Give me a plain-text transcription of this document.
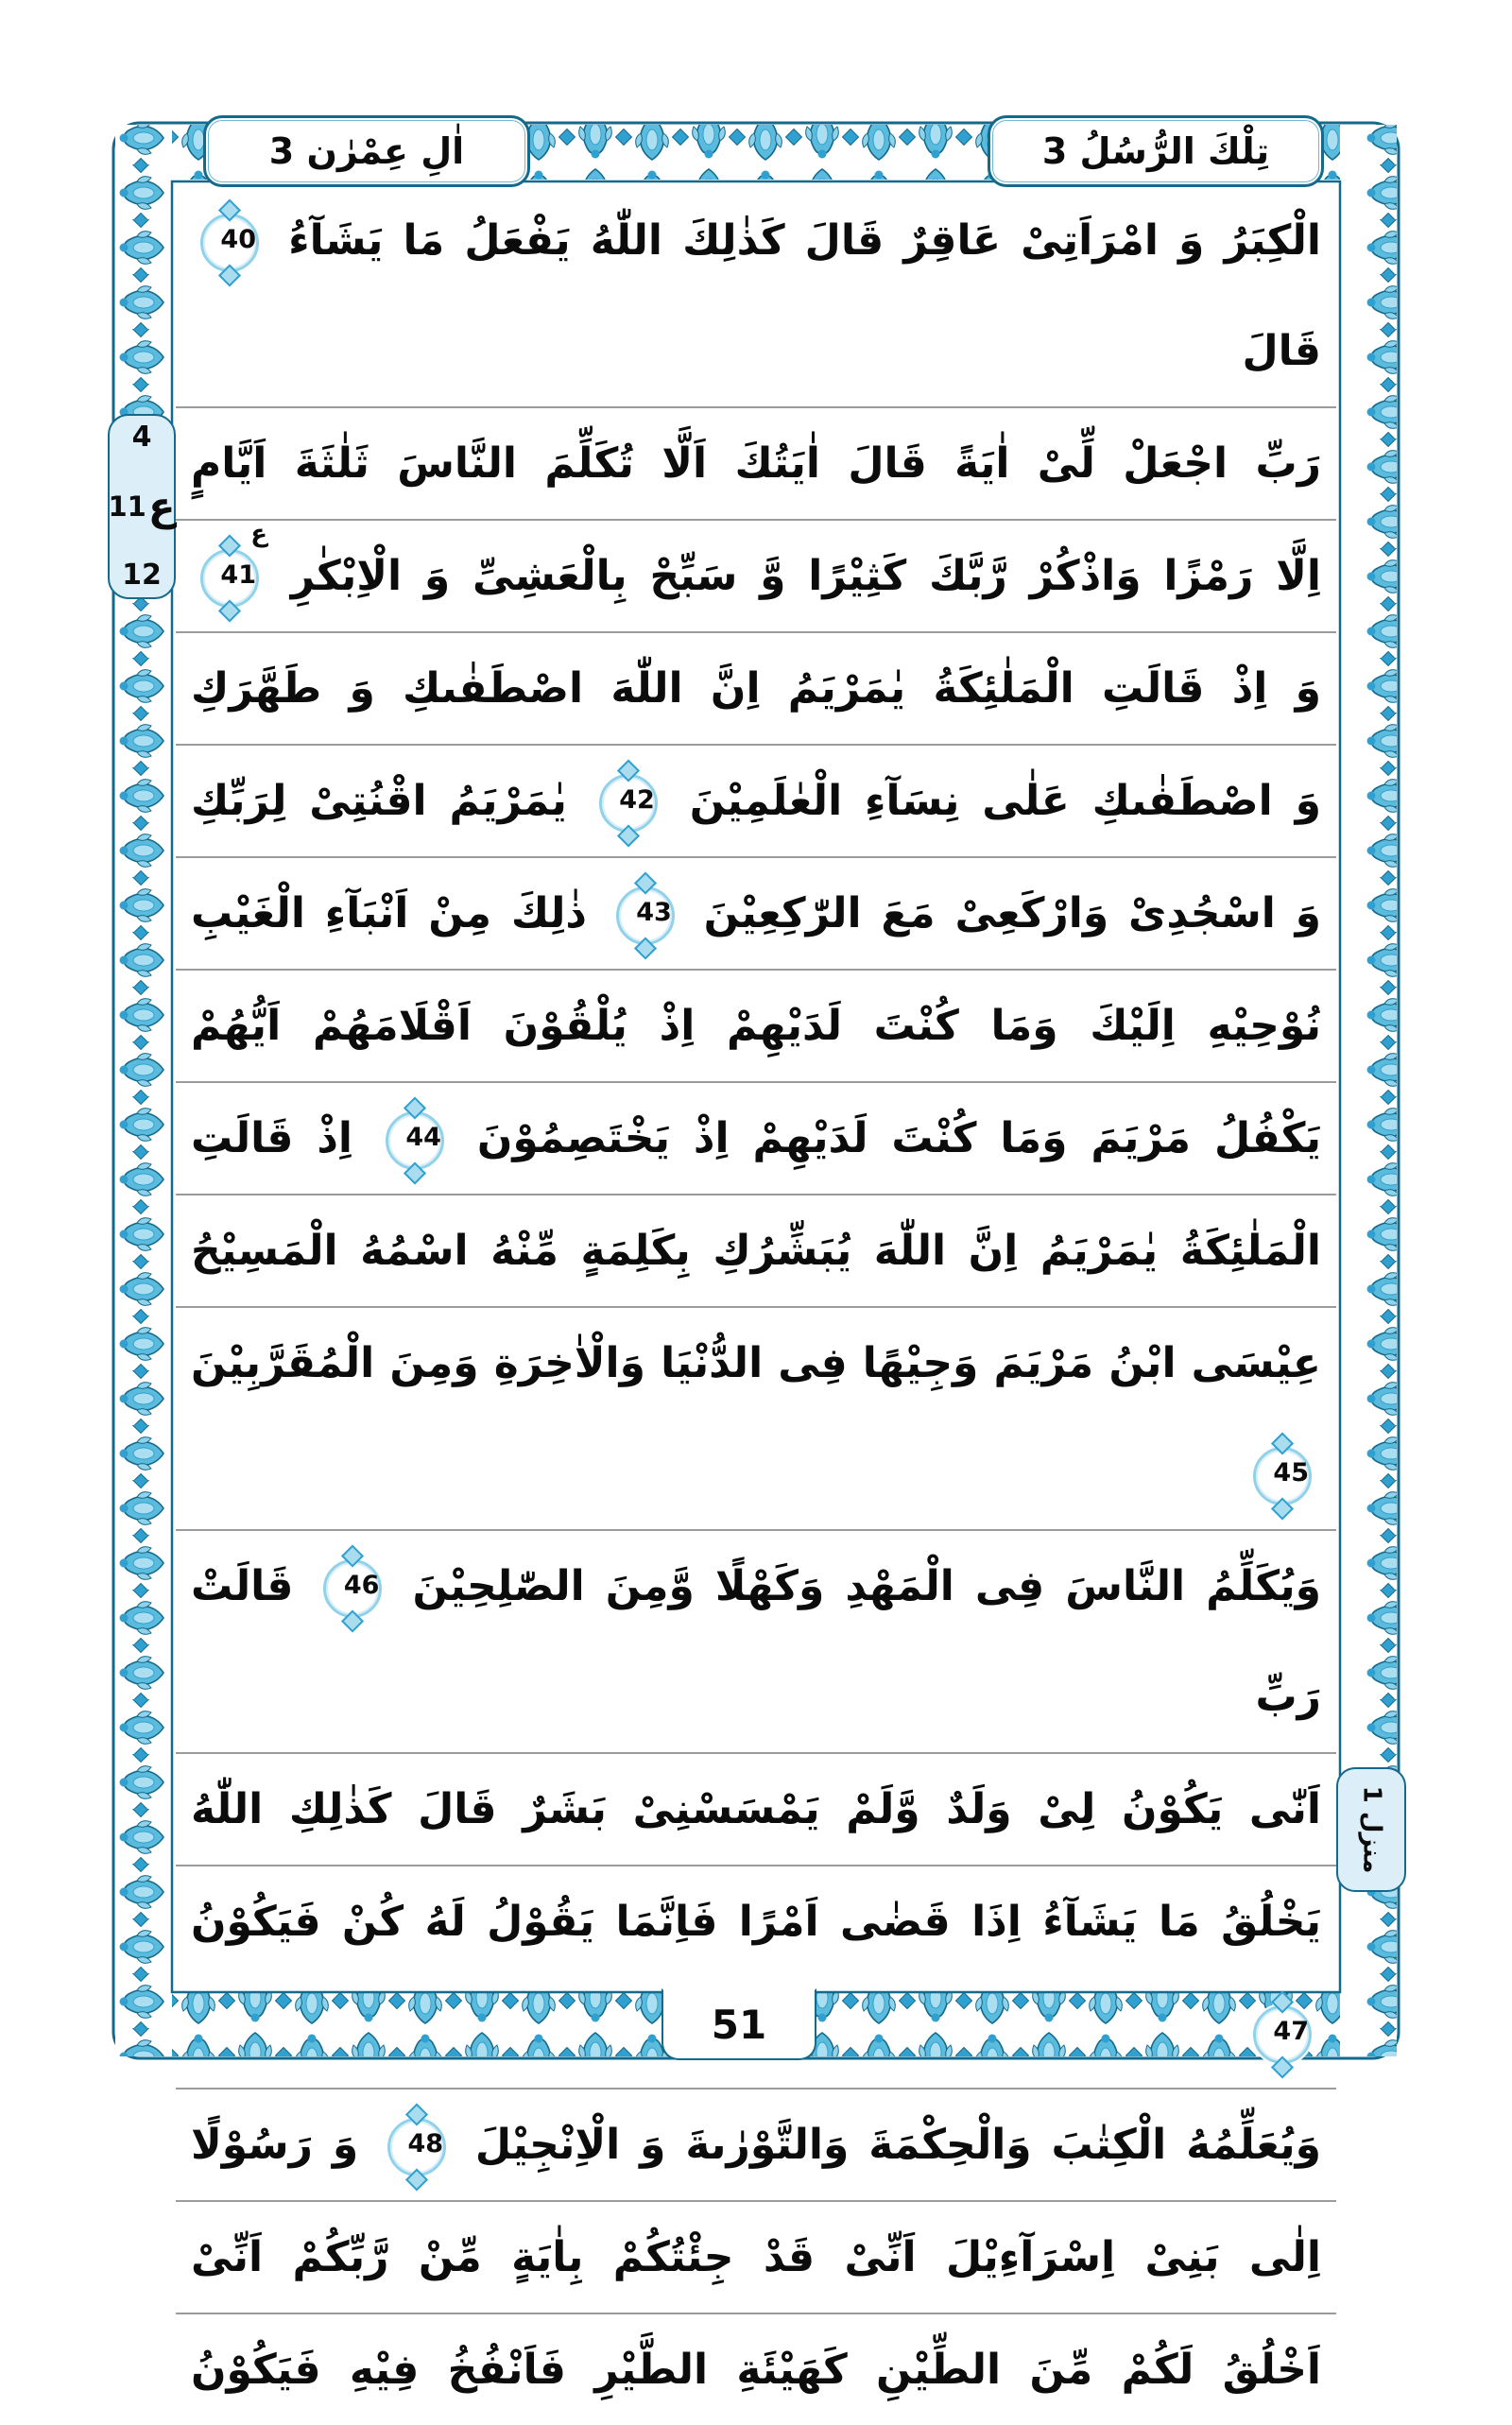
اٰلِ عِمْرٰن 3	تِلْكَ الرُّسُلُ 3
4
ع
11
12
منزل 1
الْكِبَرُ وَ امْرَاَتِىْ عَاقِرٌ قَالَ كَذٰلِكَ اللّٰهُ يَفْعَلُ مَا يَشَآءُ
40
قَالَ
رَبِّ اجْعَلْ لِّىْ اٰيَةً قَالَ اٰيَتُكَ اَلَّا تُكَلِّمَ النَّاسَ ثَلٰثَةَ اَيَّامٍ
اِلَّا رَمْزًا وَاذْكُرْ رَّبَّكَ كَثِيْرًا وَّ سَبِّحْ بِالْعَشِىِّ وَ الْاِبْكٰرِ
41
ع
وَ اِذْ قَالَتِ الْمَلٰئِكَةُ يٰمَرْيَمُ اِنَّ اللّٰهَ اصْطَفٰىكِ وَ طَهَّرَكِ
وَ اصْطَفٰىكِ عَلٰى نِسَآءِ الْعٰلَمِيْنَ
42
يٰمَرْيَمُ اقْنُتِىْ لِرَبِّكِ
وَ اسْجُدِىْ وَارْكَعِىْ مَعَ الرّٰكِعِيْنَ
43
ذٰلِكَ مِنْ اَنْبَآءِ الْغَيْبِ
نُوْحِيْهِ اِلَيْكَ وَمَا كُنْتَ لَدَيْهِمْ اِذْ يُلْقُوْنَ اَقْلَامَهُمْ اَيُّهُمْ
يَكْفُلُ مَرْيَمَ وَمَا كُنْتَ لَدَيْهِمْ اِذْ يَخْتَصِمُوْنَ
44
اِذْ قَالَتِ
الْمَلٰئِكَةُ يٰمَرْيَمُ اِنَّ اللّٰهَ يُبَشِّرُكِ بِكَلِمَةٍ مِّنْهُ اسْمُهُ الْمَسِيْحُ
عِيْسَى ابْنُ مَرْيَمَ وَجِيْهًا فِى الدُّنْيَا وَالْاٰخِرَةِ وَمِنَ الْمُقَرَّبِيْنَ
45
وَيُكَلِّمُ النَّاسَ فِى الْمَهْدِ وَكَهْلًا وَّمِنَ الصّٰلِحِيْنَ
46
قَالَتْ رَبِّ
اَنّٰى يَكُوْنُ لِىْ وَلَدٌ وَّلَمْ يَمْسَسْنِىْ بَشَرٌ قَالَ كَذٰلِكِ اللّٰهُ
يَخْلُقُ مَا يَشَآءُ اِذَا قَضٰى اَمْرًا فَاِنَّمَا يَقُوْلُ لَهُ كُنْ فَيَكُوْنُ
47
وَيُعَلِّمُهُ الْكِتٰبَ وَالْحِكْمَةَ وَالتَّوْرٰىةَ وَ الْاِنْجِيْلَ
48
وَ رَسُوْلًا
اِلٰى بَنِىْ اِسْرَآءِيْلَ اَنِّىْ قَدْ جِئْتُكُمْ بِاٰيَةٍ مِّنْ رَّبِّكُمْ اَنِّىْ
اَخْلُقُ لَكُمْ مِّنَ الطِّيْنِ كَهَيْئَةِ الطَّيْرِ فَاَنْفُخُ فِيْهِ فَيَكُوْنُ
51
